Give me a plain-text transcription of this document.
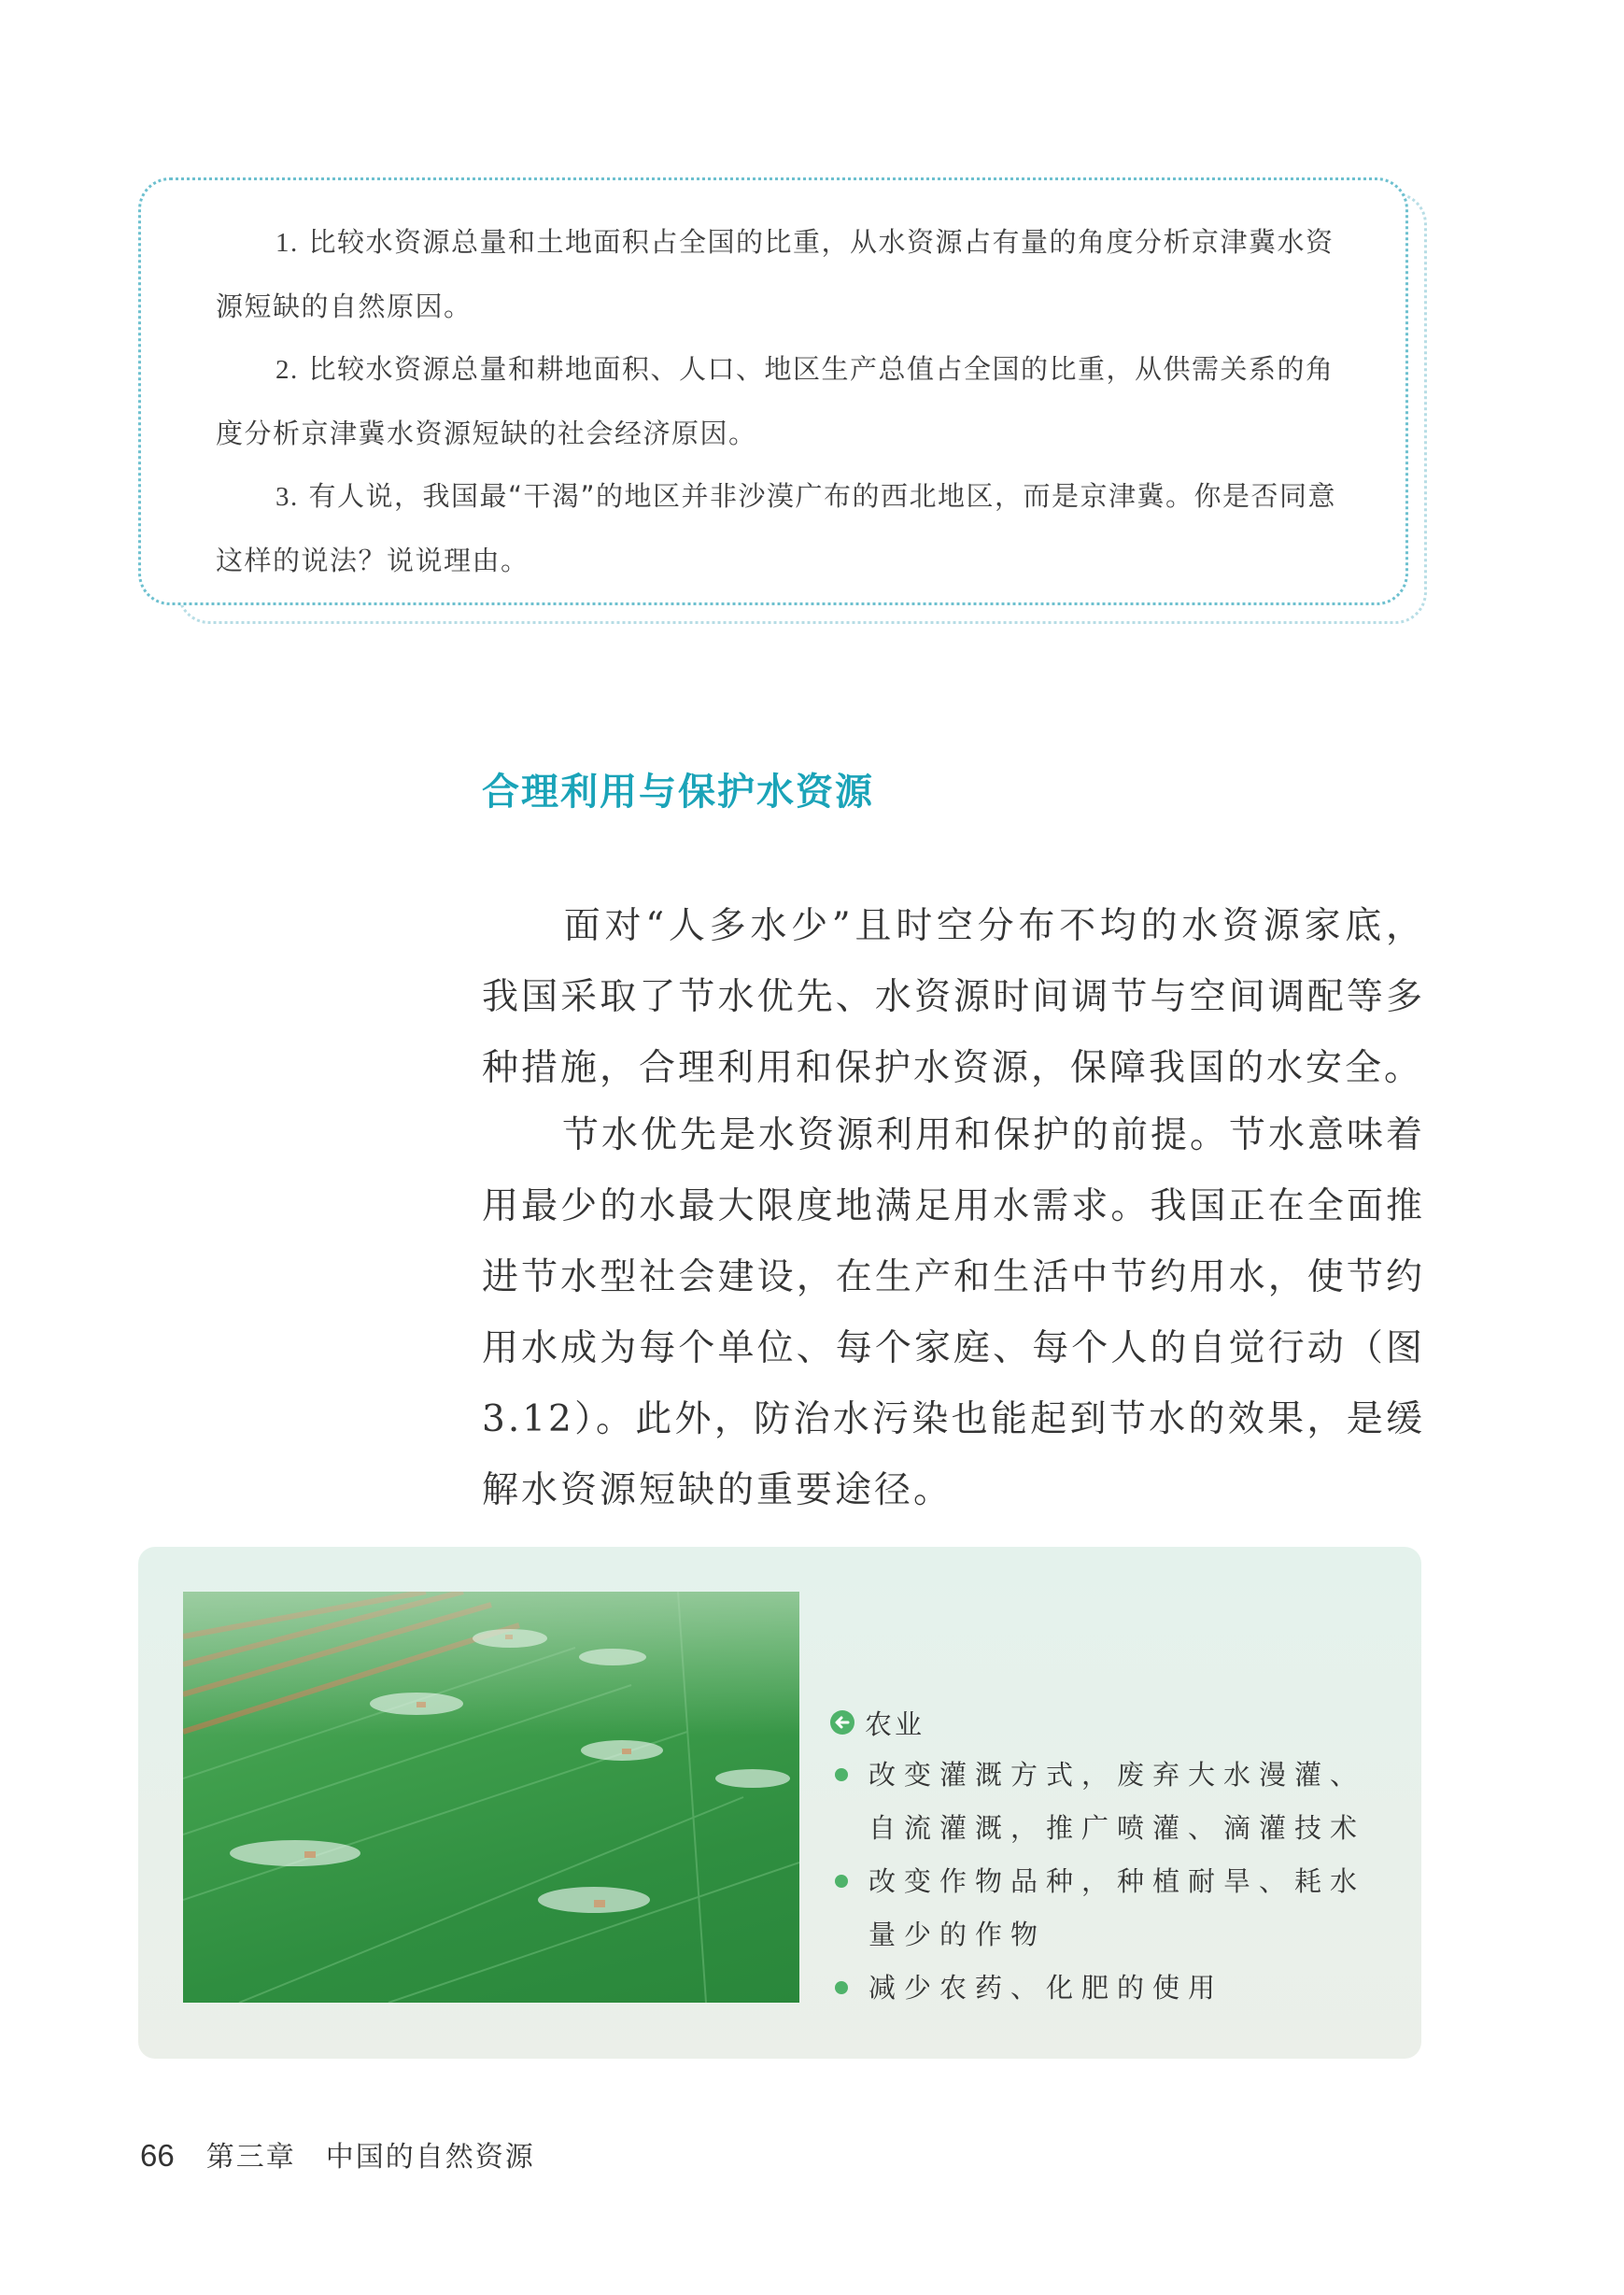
1. 比较水资源总量和土地面积占全国的比重，从水资源占有量的角度分析京津冀水资源短缺的自然原因。

2. 比较水资源总量和耕地面积、人口、地区生产总值占全国的比重，从供需关系的角度分析京津冀水资源短缺的社会经济原因。

3. 有人说，我国最“干渴”的地区并非沙漠广布的西北地区，而是京津冀。你是否同意这样的说法？说说理由。

合理利用与保护水资源

面对“人多水少”且时空分布不均的水资源家底，我国采取了节水优先、水资源时间调节与空间调配等多种措施，合理利用和保护水资源，保障我国的水安全。

节水优先是水资源利用和保护的前提。节水意味着用最少的水最大限度地满足用水需求。我国正在全面推进节水型社会建设，在生产和生活中节约用水，使节约用水成为每个单位、每个家庭、每个人的自觉行动（图3.12）。此外，防治水污染也能起到节水的效果，是缓解水资源短缺的重要途径。

农业
改变灌溉方式，废弃大水漫灌、自流灌溉，推广喷灌、滴灌技术
改变作物品种，种植耐旱、耗水量少的作物
减少农药、化肥的使用
66 第三章　中国的自然资源
